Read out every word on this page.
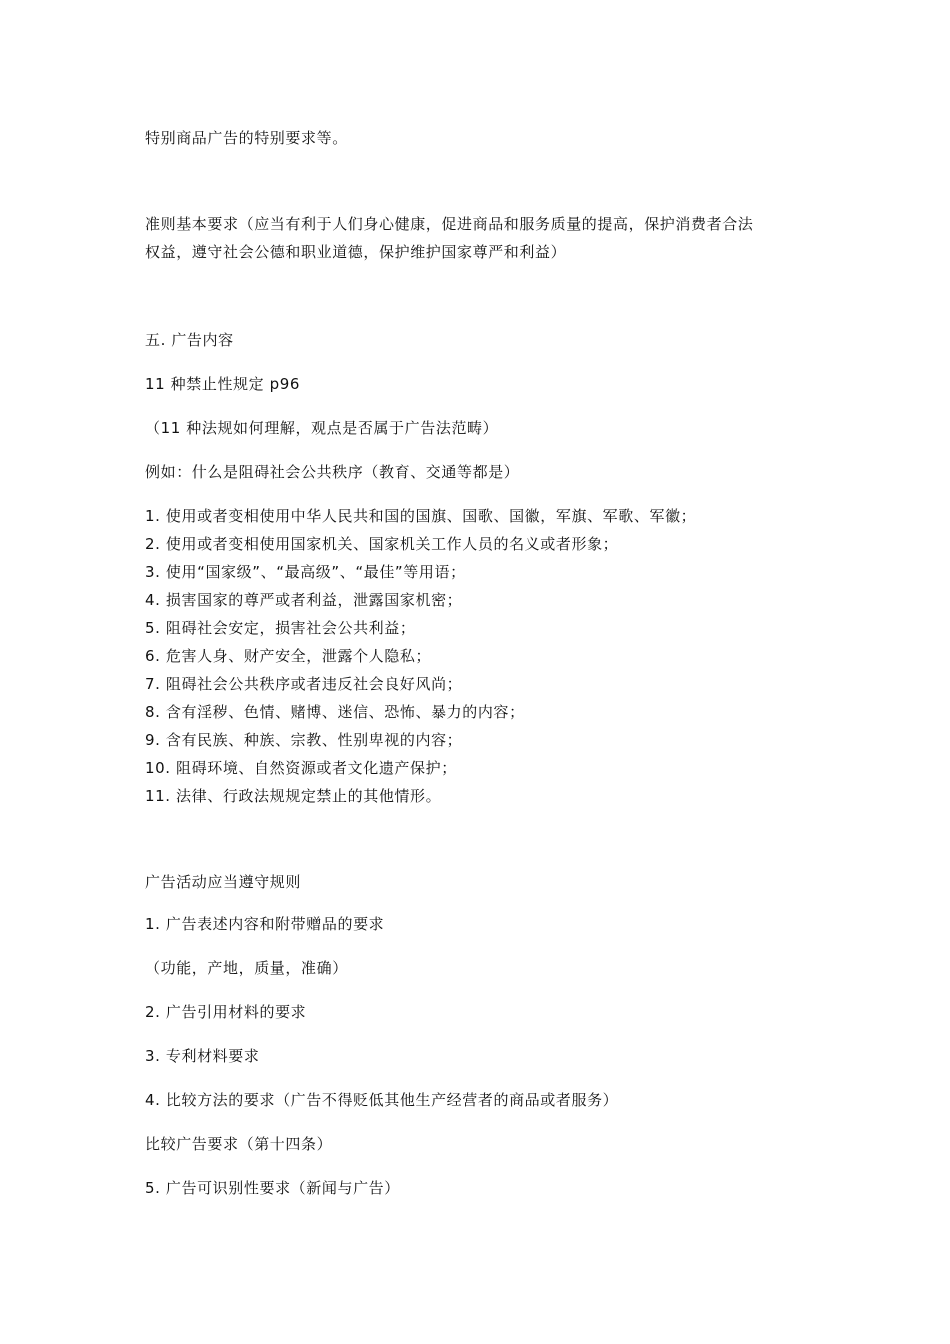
特别商品广告的特别要求等。
准则基本要求（应当有利于人们身心健康，促进商品和服务质量的提高，保护消费者合法
权益，遵守社会公德和职业道德，保护维护国家尊严和利益）
五. 广告内容
11 种禁止性规定 p96
（11 种法规如何理解，观点是否属于广告法范畴）
例如：什么是阻碍社会公共秩序（教育、交通等都是）
1. 使用或者变相使用中华人民共和国的国旗、国歌、国徽，军旗、军歌、军徽；
2. 使用或者变相使用国家机关、国家机关工作人员的名义或者形象；
3. 使用“国家级”、“最高级”、“最佳”等用语；
4. 损害国家的尊严或者利益，泄露国家机密；
5. 阻碍社会安定，损害社会公共利益；
6. 危害人身、财产安全，泄露个人隐私；
7. 阻碍社会公共秩序或者违反社会良好风尚；
8. 含有淫秽、色情、赌博、迷信、恐怖、暴力的内容；
9. 含有民族、种族、宗教、性别卑视的内容；
10. 阻碍环境、自然资源或者文化遗产保护；
11. 法律、行政法规规定禁止的其他情形。
广告活动应当遵守规则
1. 广告表述内容和附带赠品的要求
（功能，产地，质量，准确）
2. 广告引用材料的要求
3. 专利材料要求
4. 比较方法的要求（广告不得贬低其他生产经营者的商品或者服务）
比较广告要求（第十四条）
5. 广告可识别性要求（新闻与广告）
